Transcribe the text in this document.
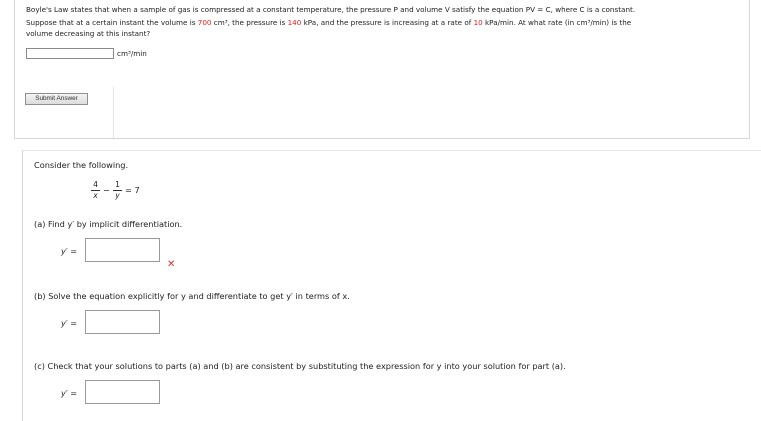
Boyle's Law states that when a sample of gas is compressed at a constant temperature, the pressure P and volume V satisfy the equation PV = C, where C is a constant.
Suppose that at a certain instant the volume is 700 cm³, the pressure is 140 kPa, and the pressure is increasing at a rate of 10 kPa/min. At what rate (in cm³/min) is the
volume decreasing at this instant?
cm³/min
Submit Answer
Consider the following.
4
x
−
1
y
= 7
(a) Find y′ by implicit differentiation.
y′ =
✕
(b) Solve the equation explicitly for y and differentiate to get y′ in terms of x.
y′ =
(c) Check that your solutions to parts (a) and (b) are consistent by substituting the expression for y into your solution for part (a).
y′ =
